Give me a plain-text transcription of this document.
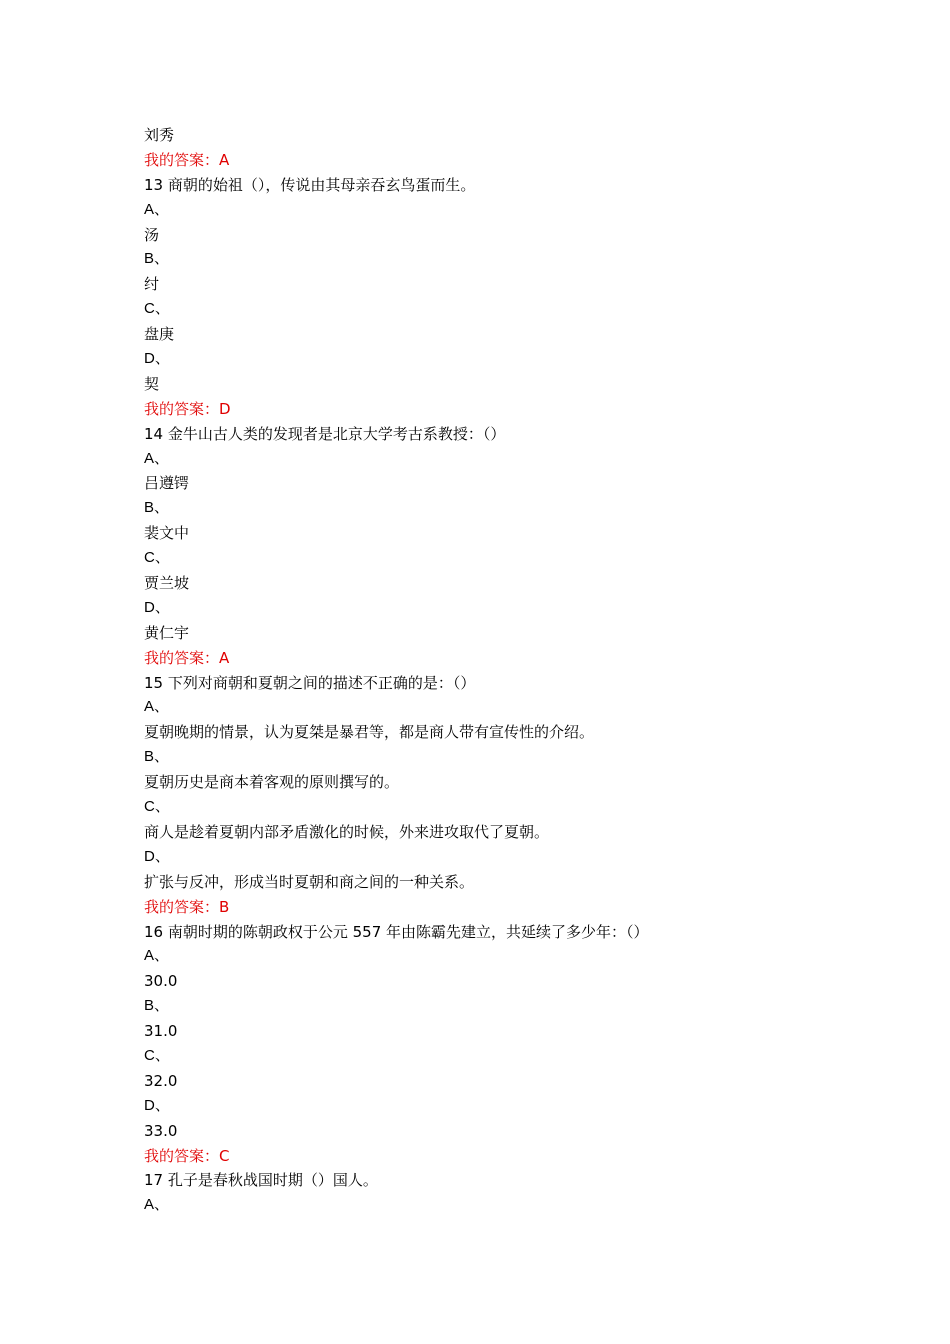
刘秀
我的答案：A
13 商朝的始祖（），传说由其母亲吞玄鸟蛋而生。
A、
汤
B、
纣
C、
盘庚
D、
契
我的答案：D
14 金牛山古人类的发现者是北京大学考古系教授：（）
A、
吕遵锷
B、
裴文中
C、
贾兰坡
D、
黄仁宇
我的答案：A
15 下列对商朝和夏朝之间的描述不正确的是：（）
A、
夏朝晚期的情景，认为夏桀是暴君等，都是商人带有宣传性的介绍。
B、
夏朝历史是商本着客观的原则撰写的。
C、
商人是趁着夏朝内部矛盾激化的时候，外来进攻取代了夏朝。
D、
扩张与反冲，形成当时夏朝和商之间的一种关系。
我的答案：B
16 南朝时期的陈朝政权于公元 557 年由陈霸先建立，共延续了多少年：（）
A、
30.0
B、
31.0
C、
32.0
D、
33.0
我的答案：C
17 孔子是春秋战国时期（）国人。
A、
